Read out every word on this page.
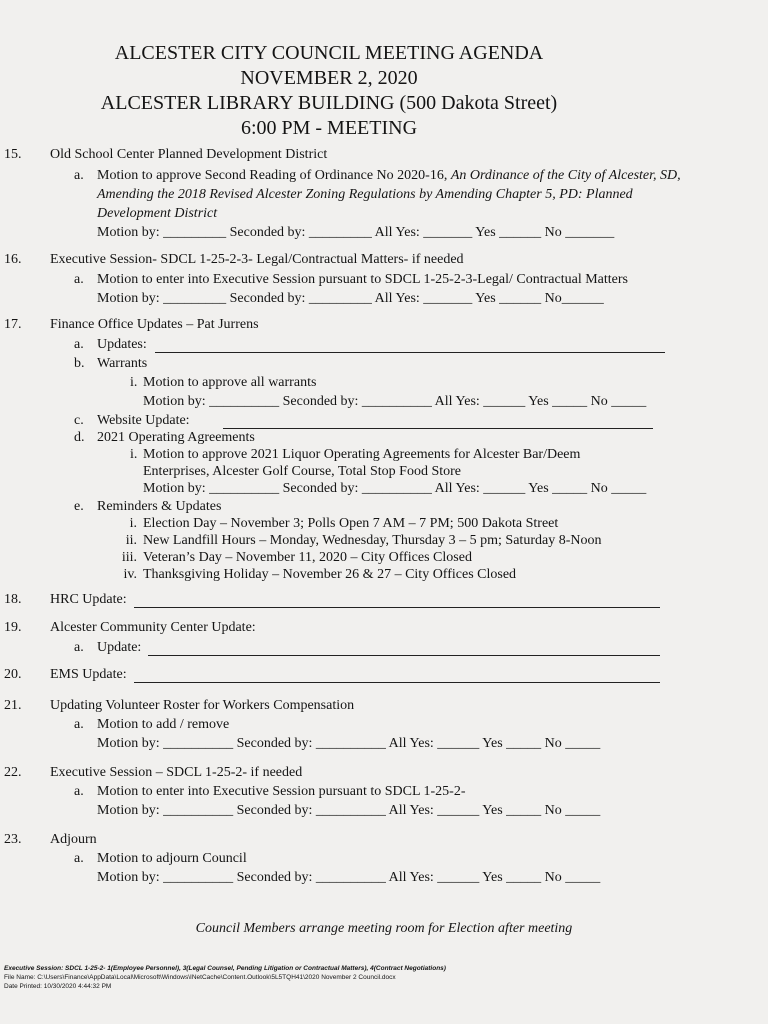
ALCESTER CITY COUNCIL MEETING AGENDA
NOVEMBER 2, 2020
ALCESTER LIBRARY BUILDING (500 Dakota Street)
6:00 PM - MEETING
15. Old School Center Planned Development District
a. Motion to approve Second Reading of Ordinance No 2020-16, An Ordinance of the City of Alcester, SD,
Amending the 2018 Revised Alcester Zoning Regulations by Amending Chapter 5, PD: Planned
Development District
Motion by: _________ Seconded by: _________ All Yes: _______ Yes ______ No _______
16. Executive Session- SDCL 1-25-2-3- Legal/Contractual Matters- if needed
a. Motion to enter into Executive Session pursuant to SDCL 1-25-2-3-Legal/ Contractual Matters
Motion by: _________ Seconded by: _________ All Yes: _______ Yes ______ No______
17. Finance Office Updates – Pat Jurrens
a. Updates:
b. Warrants
i. Motion to approve all warrants
Motion by: __________ Seconded by: __________ All Yes: ______ Yes _____ No _____
c. Website Update:
d. 2021 Operating Agreements
i. Motion to approve 2021 Liquor Operating Agreements for Alcester Bar/Deem
Enterprises, Alcester Golf Course, Total Stop Food Store
Motion by: __________ Seconded by: __________ All Yes: ______ Yes _____ No _____
e. Reminders & Updates
i. Election Day – November 3; Polls Open 7 AM – 7 PM; 500 Dakota Street
ii. New Landfill Hours – Monday, Wednesday, Thursday 3 – 5 pm; Saturday 8-Noon
iii. Veteran’s Day – November 11, 2020 – City Offices Closed
iv. Thanksgiving Holiday – November 26 & 27 – City Offices Closed
18. HRC Update:
19. Alcester Community Center Update:
a. Update:
20. EMS Update:
21. Updating Volunteer Roster for Workers Compensation
a. Motion to add / remove
Motion by: __________ Seconded by: __________ All Yes: ______ Yes _____ No _____
22. Executive Session – SDCL 1-25-2- if needed
a. Motion to enter into Executive Session pursuant to SDCL 1-25-2-
Motion by: __________ Seconded by: __________ All Yes: ______ Yes _____ No _____
23. Adjourn
a. Motion to adjourn Council
Motion by: __________ Seconded by: __________ All Yes: ______ Yes _____ No _____
Council Members arrange meeting room for Election after meeting
Executive Session: SDCL 1-25-2- 1(Employee Personnel), 3(Legal Counsel, Pending Litigation or Contractual Matters), 4(Contract Negotiations)
File Name: C:\Users\Finance\AppData\Local\Microsoft\Windows\INetCache\Content.Outlook\5L5TQH41\2020 November 2 Council.docx
Date Printed: 10/30/2020 4:44:32 PM
